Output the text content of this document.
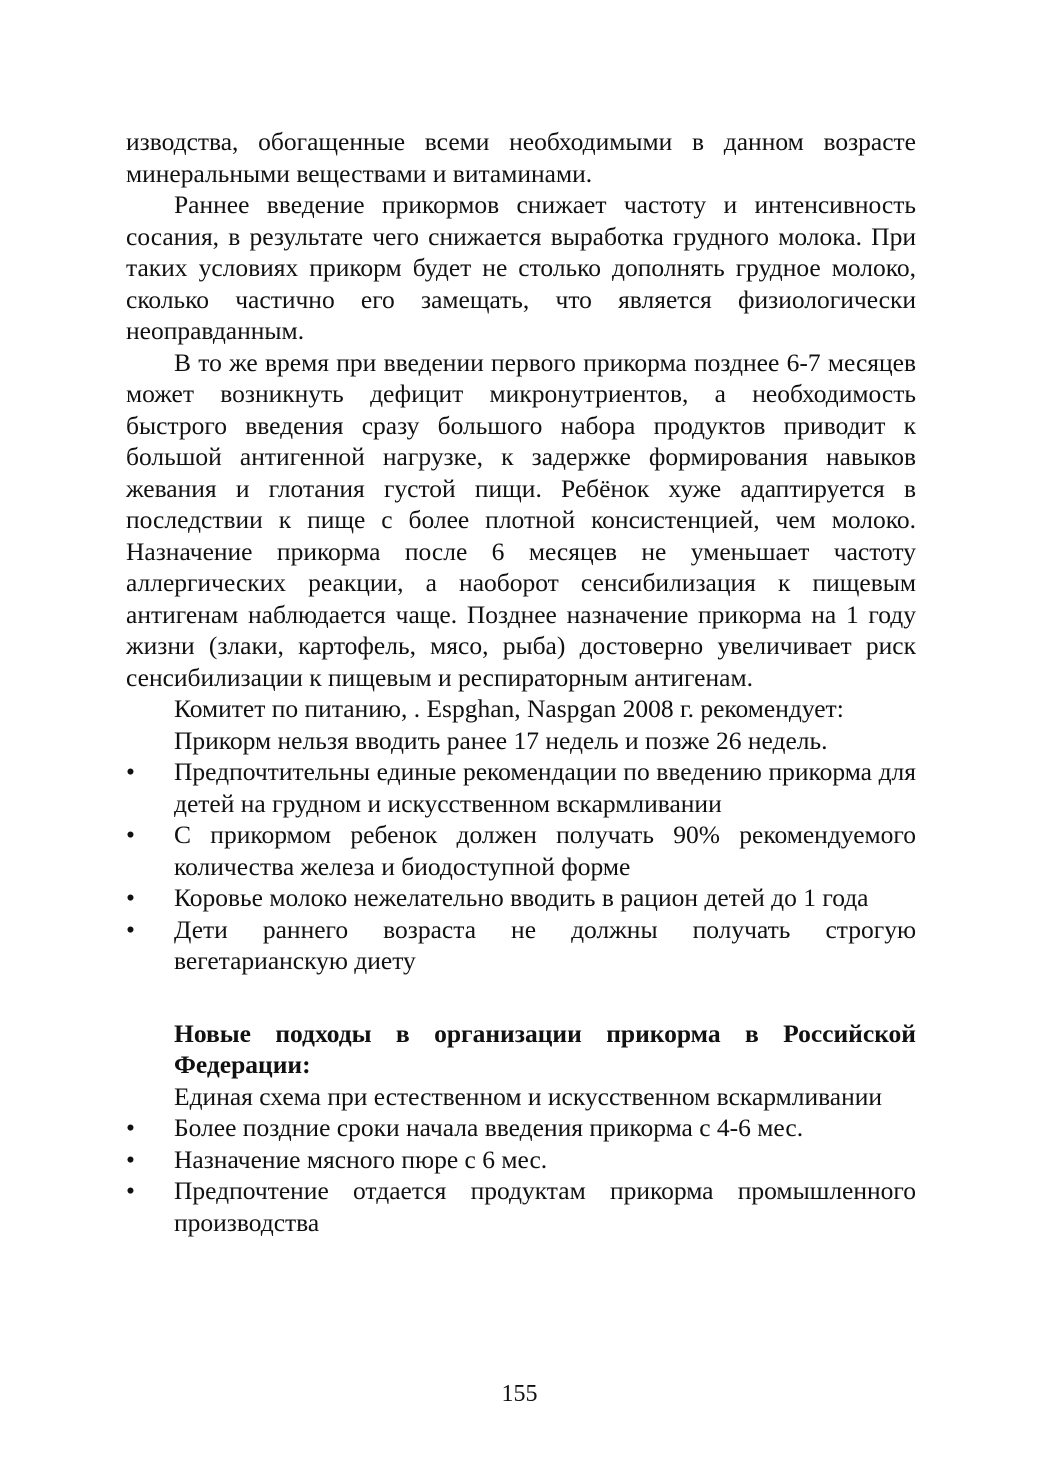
изводства, обогащенные всеми необходимыми в данном возрасте минеральными веществами и витаминами.

Раннее введение прикормов снижает частоту и интенсивность сосания, в результате чего снижается выработка грудного молока. При таких условиях прикорм будет не столько дополнять грудное молоко, сколько частично его замещать, что является физиологически неоправданным.

В то же время при введении первого прикорма позднее 6-7 месяцев может возникнуть дефицит микронутриентов, а необходимость быстрого введения сразу большого набора продуктов приводит к большой антигенной нагрузке, к задержке формирования навыков жевания и глотания густой пищи. Ребёнок хуже адаптируется в последствии к пище с более плотной консистенцией, чем молоко. Назначение прикорма после 6 месяцев не уменьшает частоту аллергических реакции, а наоборот сенсибилизация к пищевым антигенам наблюдается чаще. Позднее назначение прикорма на 1 году жизни (злаки, картофель, мясо, рыба) достоверно увеличивает риск сенсибилизации к пищевым и респираторным антигенам.

Комитет по питанию, . Espghan, Naspgan 2008 г. рекомендует:

Прикорм нельзя вводить ранее 17 недель и позже 26 недель.

• Предпочтительны единые рекомендации по введению прикорма для детей на грудном и искусственном вскармливании
• С прикормом ребенок должен получать 90% рекомендуемого количества железа и биодоступной форме
• Коровье молоко нежелательно вводить в рацион детей до 1 года
• Дети раннего возраста не должны получать строгую вегетарианскую диету

Новые подходы в организации прикорма в Российской Федерации:

Единая схема при естественном и искусственном вскармливании

• Более поздние сроки начала введения прикорма с 4-6 мес.
• Назначение мясного пюре с 6 мес.
• Предпочтение отдается продуктам прикорма промышленного производства
155
